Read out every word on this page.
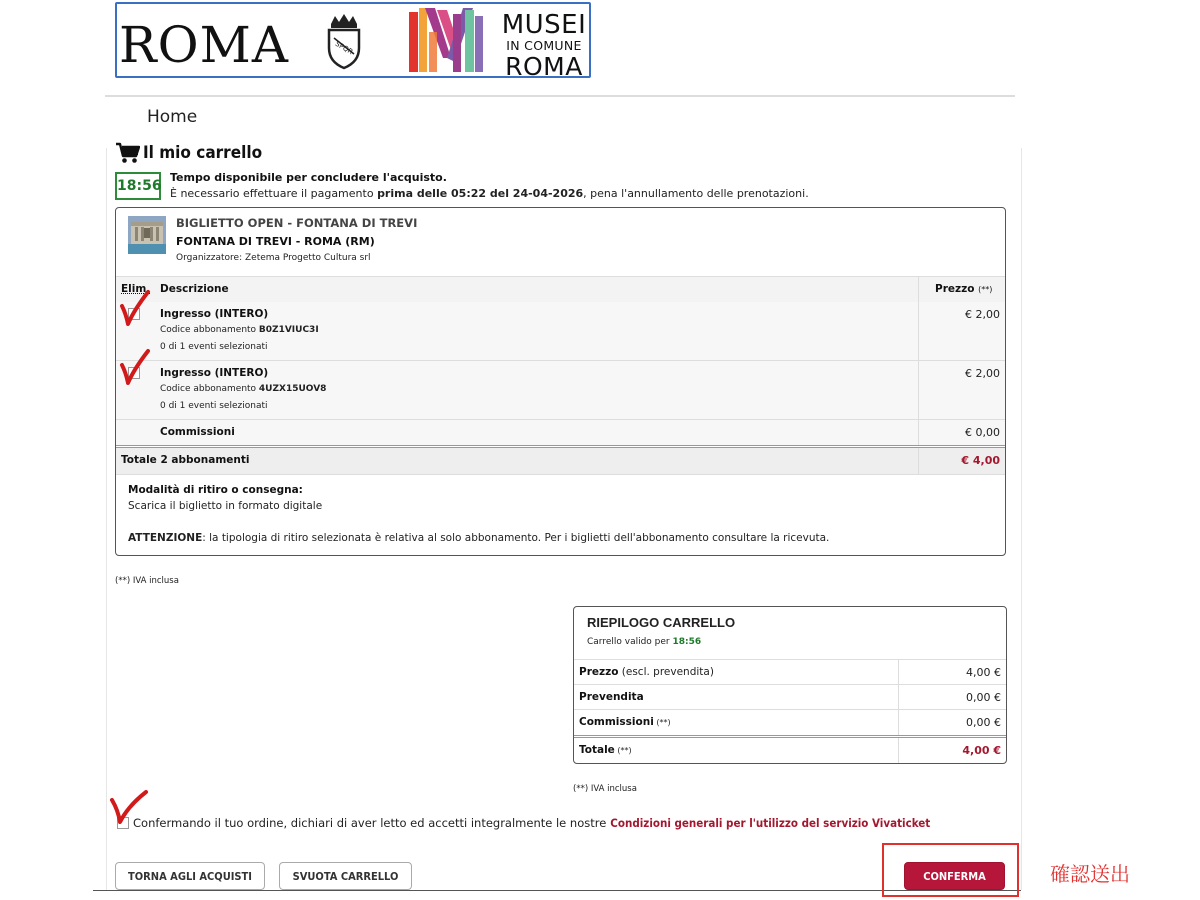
ROMA	SPQR
MUSEI
IN COMUNE
ROMA
Home
Il mio carrello
18:56
Tempo disponibile per concludere l'acquisto.
È necessario effettuare il pagamento prima delle 05:22 del 24-04-2026, pena l'annullamento delle prenotazioni.
BIGLIETTO OPEN - FONTANA DI TREVI
FONTANA DI TREVI - ROMA (RM)
Organizzatore: Zetema Progetto Cultura srl
Elim. Descrizione	Prezzo (**)
Ingresso (INTERO)
Codice abbonamento B0Z1VIUC3I
0 di 1 eventi selezionati
€ 2,00
Ingresso (INTERO)
Codice abbonamento 4UZX15UOV8
0 di 1 eventi selezionati
€ 2,00
Commissioni	€ 0,00
Totale 2 abbonamenti	€ 4,00
Modalità di ritiro o consegna:
Scarica il biglietto in formato digitale
ATTENZIONE: la tipologia di ritiro selezionata è relativa al solo abbonamento. Per i biglietti dell'abbonamento consultare la ricevuta.
(**) IVA inclusa
RIEPILOGO CARRELLO
Carrello valido per 18:56
Prezzo (escl. prevendita)	4,00 €
Prevendita	0,00 €
Commissioni (**)	0,00 €
Totale (**)	4,00 €
(**) IVA inclusa
Confermando il tuo ordine, dichiari di aver letto ed accetti integralmente le nostre Condizioni generali per l'utilizzo del servizio Vivaticket
TORNA AGLI ACQUISTI	SVUOTA CARRELLO	CONFERMA	確認送出
